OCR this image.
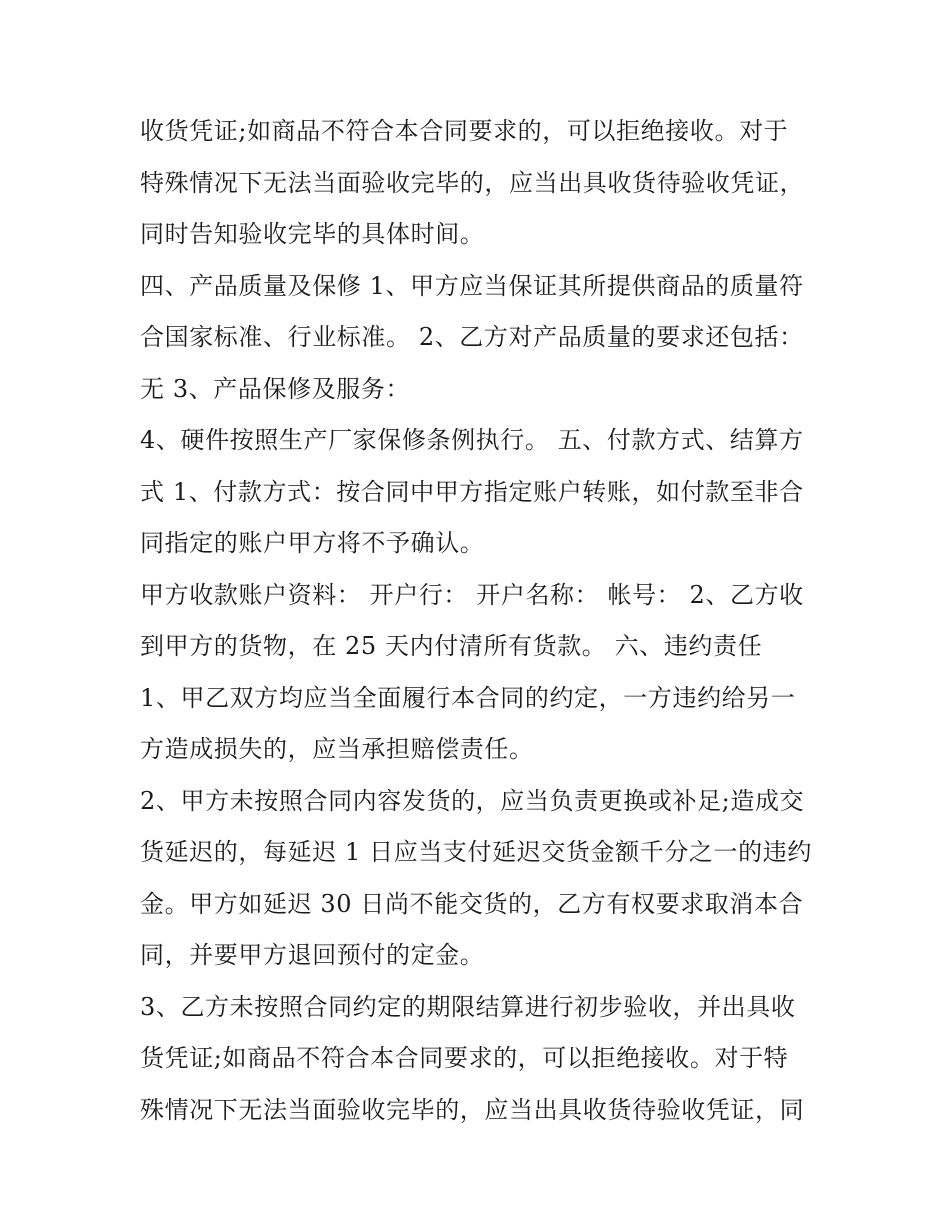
收货凭证;如商品不符合本合同要求的，可以拒绝接收。对于
特殊情况下无法当面验收完毕的，应当出具收货待验收凭证，
同时告知验收完毕的具体时间。
四、产品质量及保修 1、甲方应当保证其所提供商品的质量符
合国家标准、行业标准。 2、乙方对产品质量的要求还包括：
无 3、产品保修及服务：
4、硬件按照生产厂家保修条例执行。 五、付款方式、结算方
式 1、付款方式：按合同中甲方指定账户转账，如付款至非合
同指定的账户甲方将不予确认。
甲方收款账户资料： 开户行： 开户名称： 帐号： 2、乙方收
到甲方的货物，在 25 天内付清所有货款。 六、违约责任
1、甲乙双方均应当全面履行本合同的约定，一方违约给另一
方造成损失的，应当承担赔偿责任。
2、甲方未按照合同内容发货的，应当负责更换或补足;造成交
货延迟的，每延迟 1 日应当支付延迟交货金额千分之一的违约
金。甲方如延迟 30 日尚不能交货的，乙方有权要求取消本合
同，并要甲方退回预付的定金。
3、乙方未按照合同约定的期限结算进行初步验收，并出具收
货凭证;如商品不符合本合同要求的，可以拒绝接收。对于特
殊情况下无法当面验收完毕的，应当出具收货待验收凭证，同
